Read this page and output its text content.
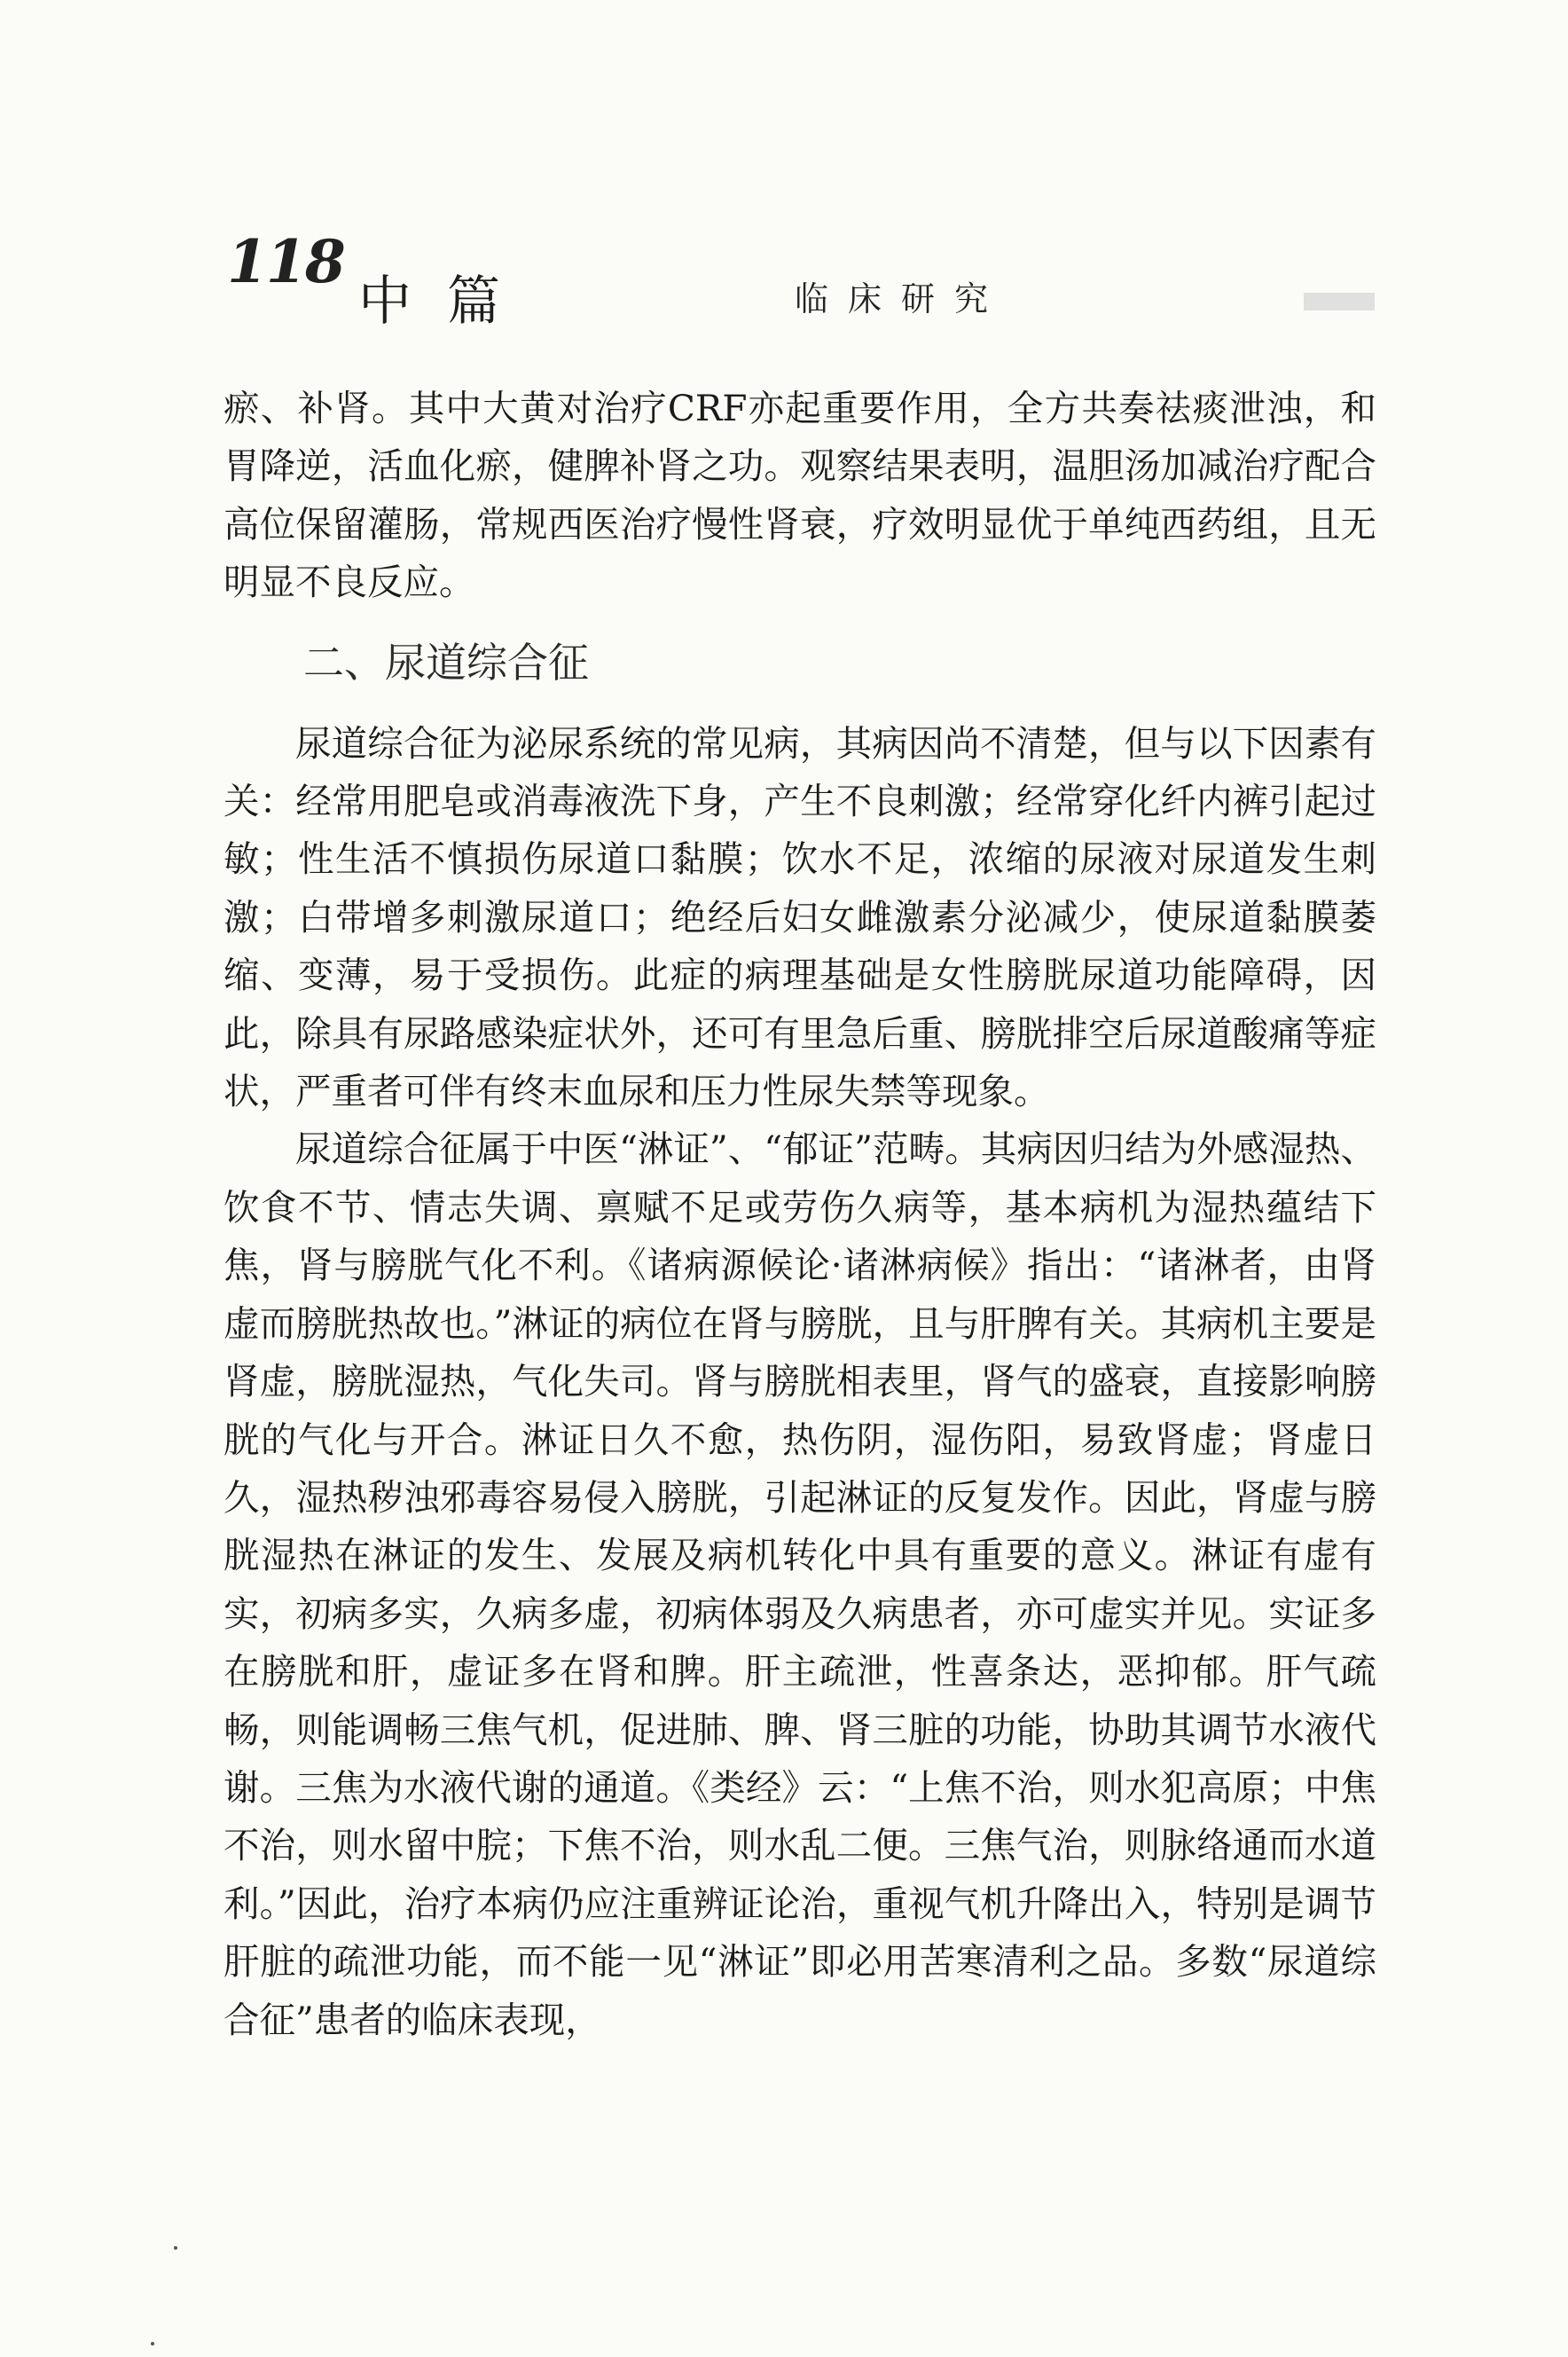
118
中篇	临床研究

瘀、补肾。其中大黄对治疗CRF亦起重要作用，全方共奏祛痰泄浊，和胃降逆，活血化瘀，健脾补肾之功。观察结果表明，温胆汤加减治疗配合高位保留灌肠，常规西医治疗慢性肾衰，疗效明显优于单纯西药组，且无明显不良反应。

二、尿道综合征

尿道综合征为泌尿系统的常见病，其病因尚不清楚，但与以下因素有关：经常用肥皂或消毒液洗下身，产生不良刺激；经常穿化纤内裤引起过敏；性生活不慎损伤尿道口黏膜；饮水不足，浓缩的尿液对尿道发生刺激；白带增多刺激尿道口；绝经后妇女雌激素分泌减少，使尿道黏膜萎缩、变薄，易于受损伤。此症的病理基础是女性膀胱尿道功能障碍，因此，除具有尿路感染症状外，还可有里急后重、膀胱排空后尿道酸痛等症状，严重者可伴有终末血尿和压力性尿失禁等现象。

尿道综合征属于中医“淋证”、“郁证”范畴。其病因归结为外感湿热、饮食不节、情志失调、禀赋不足或劳伤久病等，基本病机为湿热蕴结下焦，肾与膀胱气化不利。《诸病源候论·诸淋病候》指出：“诸淋者，由肾虚而膀胱热故也。”淋证的病位在肾与膀胱，且与肝脾有关。其病机主要是肾虚，膀胱湿热，气化失司。肾与膀胱相表里，肾气的盛衰，直接影响膀胱的气化与开合。淋证日久不愈，热伤阴，湿伤阳，易致肾虚；肾虚日久，湿热秽浊邪毒容易侵入膀胱，引起淋证的反复发作。因此，肾虚与膀胱湿热在淋证的发生、发展及病机转化中具有重要的意义。淋证有虚有实，初病多实，久病多虚，初病体弱及久病患者，亦可虚实并见。实证多在膀胱和肝，虚证多在肾和脾。肝主疏泄，性喜条达，恶抑郁。肝气疏畅，则能调畅三焦气机，促进肺、脾、肾三脏的功能，协助其调节水液代谢。三焦为水液代谢的通道。《类经》云：“上焦不治，则水犯高原；中焦不治，则水留中脘；下焦不治，则水乱二便。三焦气治，则脉络通而水道利。”因此，治疗本病仍应注重辨证论治，重视气机升降出入，特别是调节肝脏的疏泄功能，而不能一见“淋证”即必用苦寒清利之品。多数“尿道综合征”患者的临床表现，
